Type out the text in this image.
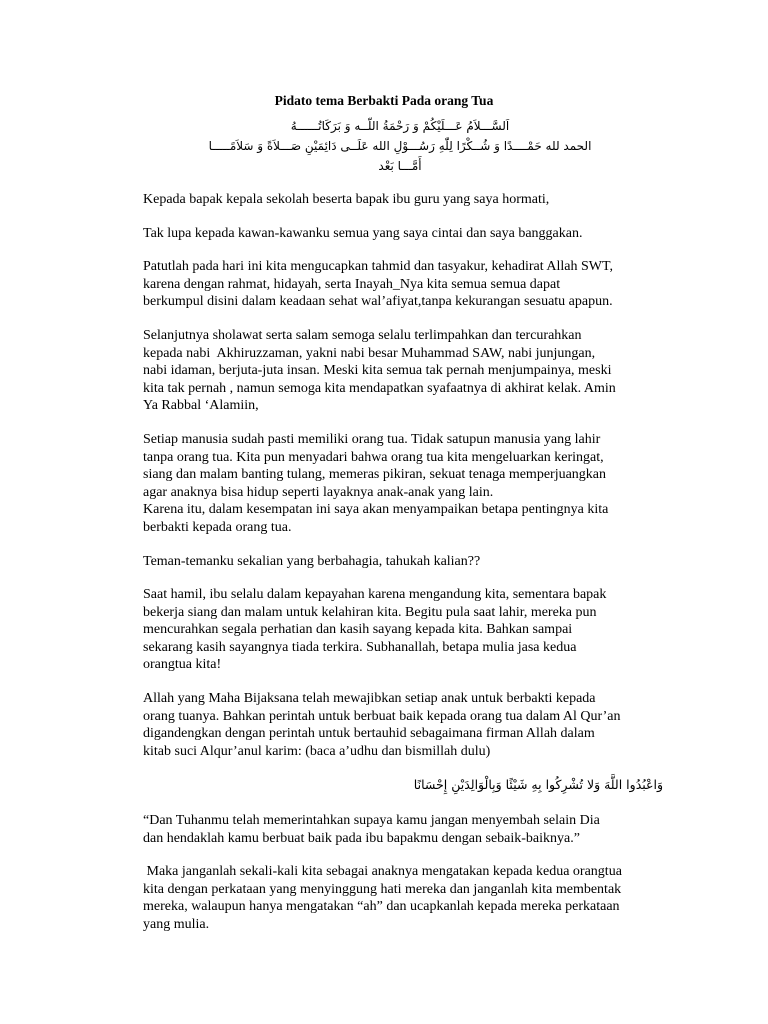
Pidato tema Berbakti Pada orang Tua
اَلسَّـــلاَمُ عَـــلَيْكُمْ وَ رَحْمَةُ اللّــه وَ بَرَكَاتُــــــهُ
الحمد لله حَمْــــدًا وَ شُــكْرًا لِلّٰهِ رَسُـــوْلِ الله عَلَــى دَائِمَيْنِ صَـــلاَةً وَ سَلاَمًـــــا
أَمَّـــا بَعْد

Kepada bapak kepala sekolah beserta bapak ibu guru yang saya hormati,

Tak lupa kepada kawan-kawanku semua yang saya cintai dan saya banggakan.

Patutlah pada hari ini kita mengucapkan tahmid dan tasyakur, kehadirat Allah SWT,
karena dengan rahmat, hidayah, serta Inayah_Nya kita semua semua dapat
berkumpul disini dalam keadaan sehat wal’afiyat,tanpa kekurangan sesuatu apapun.

Selanjutnya sholawat serta salam semoga selalu terlimpahkan dan tercurahkan
kepada nabi  Akhiruzzaman, yakni nabi besar Muhammad SAW, nabi junjungan,
nabi idaman, berjuta-juta insan. Meski kita semua tak pernah menjumpainya, meski
kita tak pernah , namun semoga kita mendapatkan syafaatnya di akhirat kelak. Amin
Ya Rabbal ‘Alamiin,

Setiap manusia sudah pasti memiliki orang tua. Tidak satupun manusia yang lahir
tanpa orang tua. Kita pun menyadari bahwa orang tua kita mengeluarkan keringat,
siang dan malam banting tulang, memeras pikiran, sekuat tenaga memperjuangkan
agar anaknya bisa hidup seperti layaknya anak-anak yang lain.
Karena itu, dalam kesempatan ini saya akan menyampaikan betapa pentingnya kita
berbakti kepada orang tua.

Teman-temanku sekalian yang berbahagia, tahukah kalian??

Saat hamil, ibu selalu dalam kepayahan karena mengandung kita, sementara bapak
bekerja siang dan malam untuk kelahiran kita. Begitu pula saat lahir, mereka pun
mencurahkan segala perhatian dan kasih sayang kepada kita. Bahkan sampai
sekarang kasih sayangnya tiada terkira. Subhanallah, betapa mulia jasa kedua
orangtua kita!

Allah yang Maha Bijaksana telah mewajibkan setiap anak untuk berbakti kepada
orang tuanya. Bahkan perintah untuk berbuat baik kepada orang tua dalam Al Qur’an
digandengkan dengan perintah untuk bertauhid sebagaimana firman Allah dalam
kitab suci Alqur’anul karim: (baca a’udhu dan bismillah dulu)

وَاعْبُدُوا اللَّهَ وَلا تُشْرِكُوا بِهِ شَيْئًا وَبِالْوَالِدَيْنِ إِحْسَانًا

“Dan Tuhanmu telah memerintahkan supaya kamu jangan menyembah selain Dia
dan hendaklah kamu berbuat baik pada ibu bapakmu dengan sebaik-baiknya.”

Maka janganlah sekali-kali kita sebagai anaknya mengatakan kepada kedua orangtua
kita dengan perkataan yang menyinggung hati mereka dan janganlah kita membentak
mereka, walaupun hanya mengatakan “ah” dan ucapkanlah kepada mereka perkataan
yang mulia.
